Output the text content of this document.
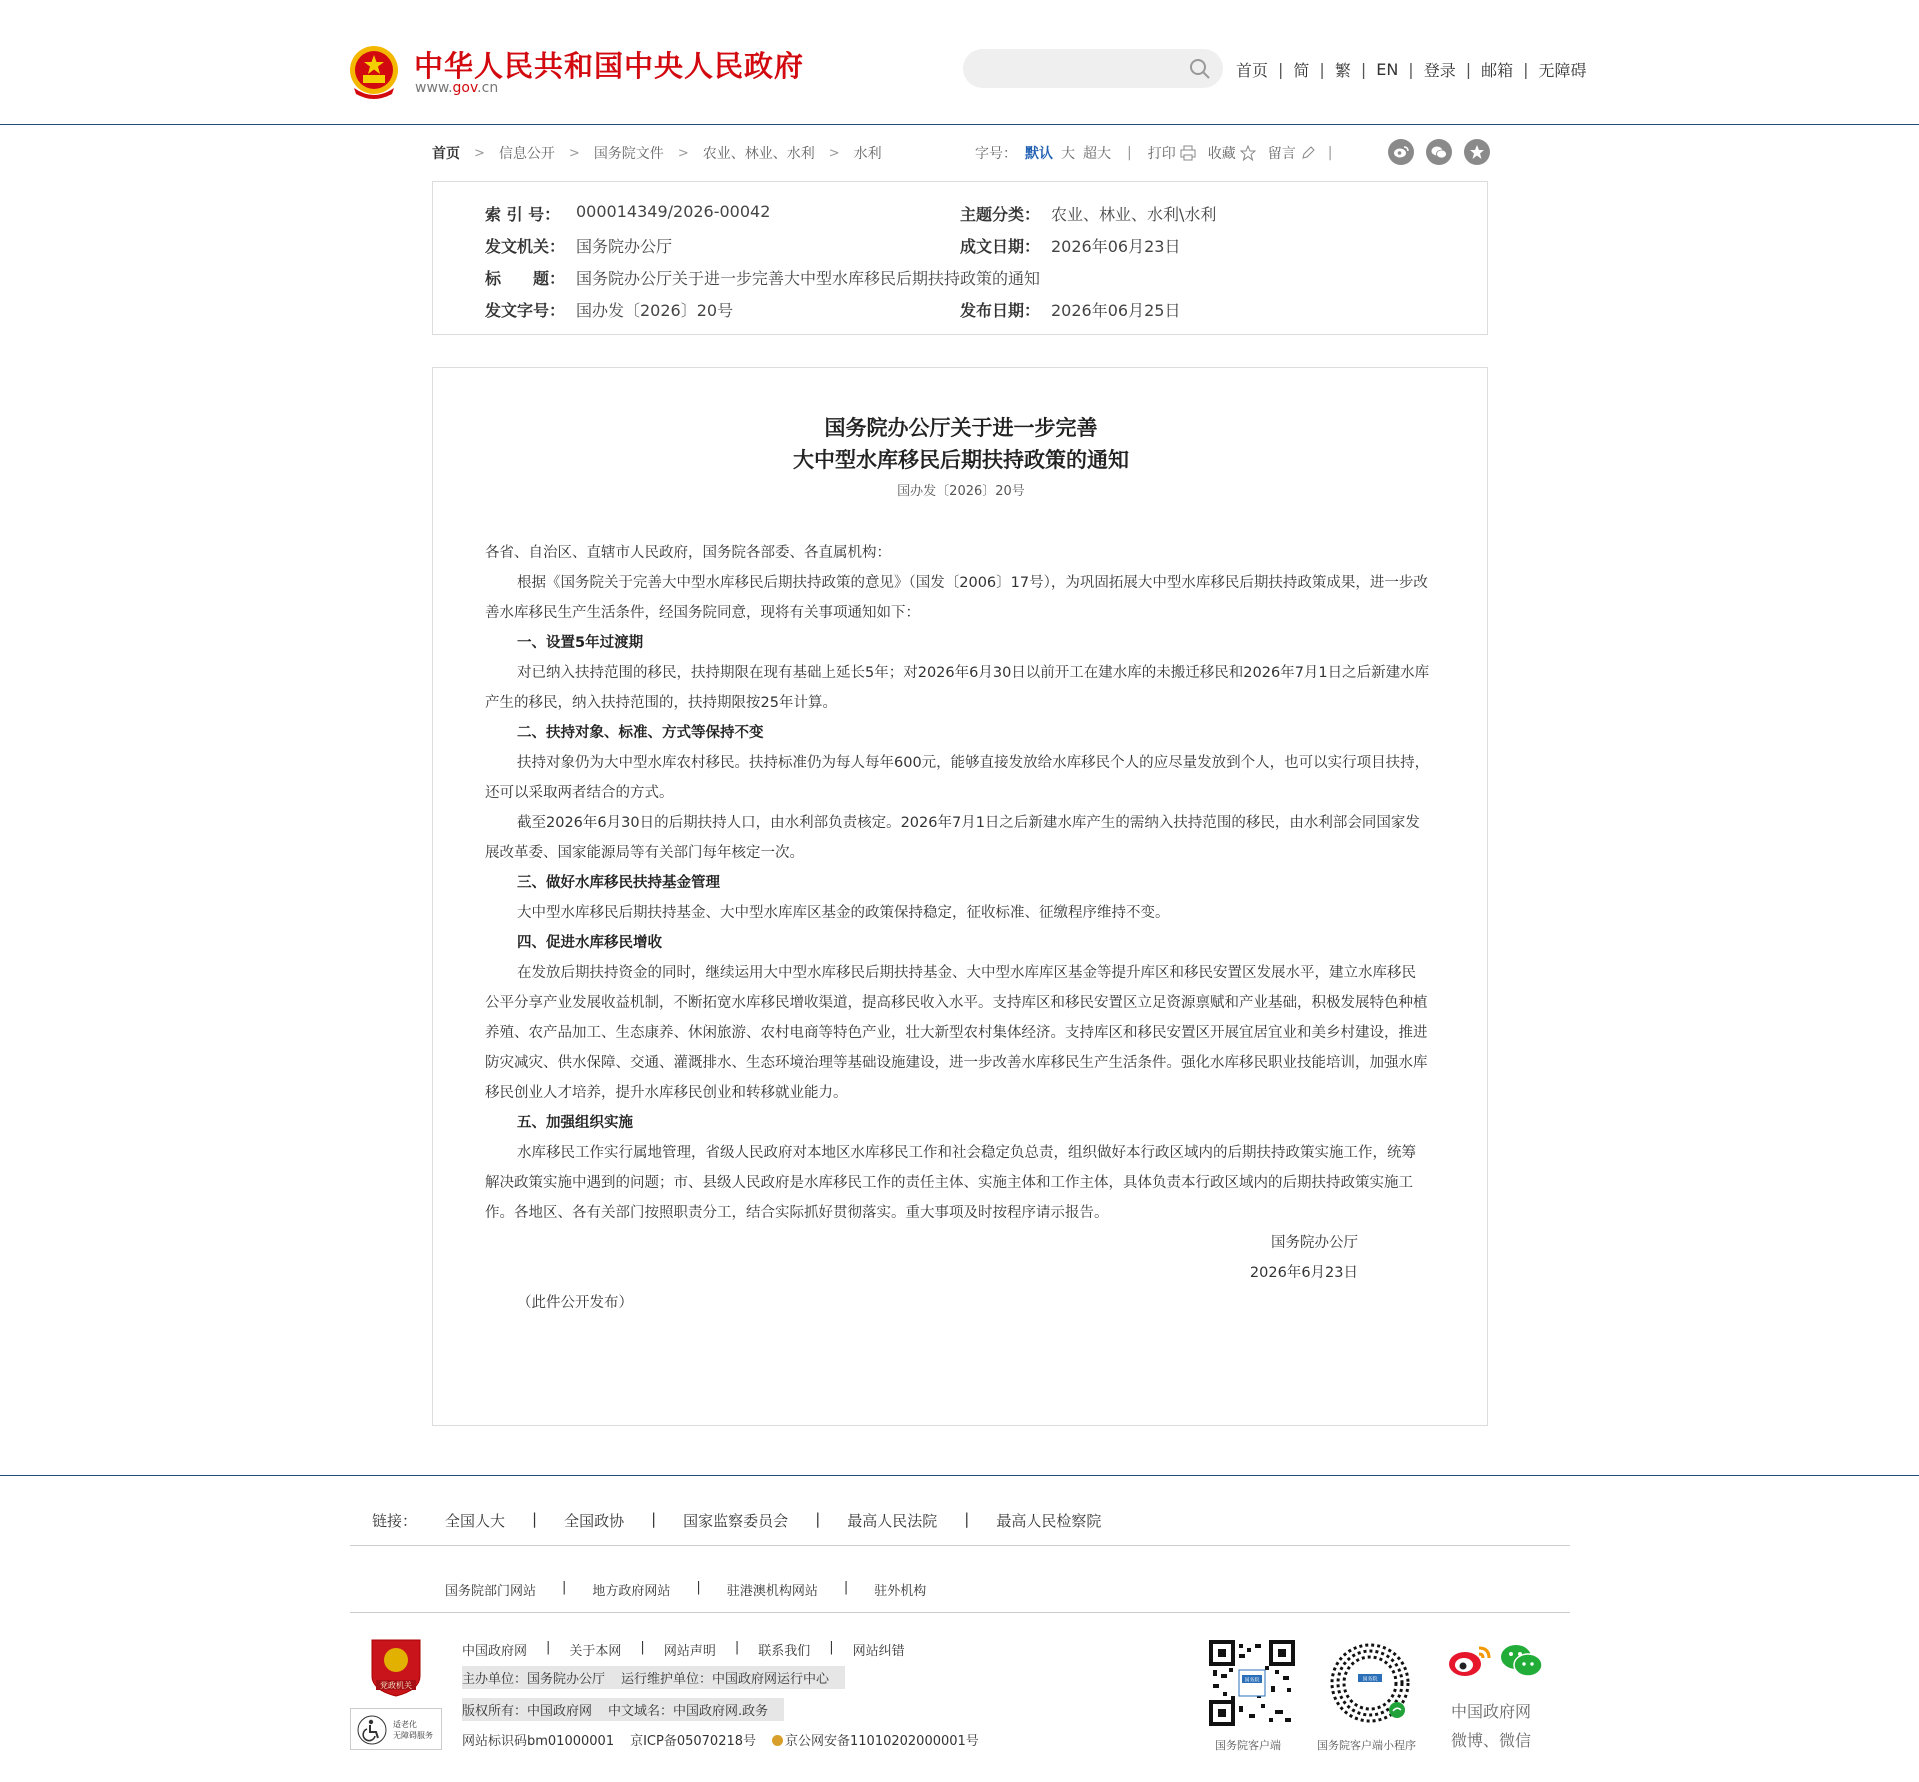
中华人民共和国中央人民政府
www.gov.cn
首页 | 简 | 繁 | EN | 登录 | 邮箱 | 无障碍
首页 > 信息公开 > 国务院文件 > 农业、林业、水利 > 水利	字号： 默认 大 超大 | 打印 收藏 留言 |
索 引 号： 000014349/2026-00042	主题分类： 农业、林业、水利\水利
发文机关： 国务院办公厅	成文日期： 2026年06月23日
标　　题： 国务院办公厅关于进一步完善大中型水库移民后期扶持政策的通知
发文字号： 国办发〔2026〕20号	发布日期： 2026年06月25日
国务院办公厅关于进一步完善
大中型水库移民后期扶持政策的通知
国办发〔2026〕20号

各省、自治区、直辖市人民政府，国务院各部委、各直属机构：

根据《国务院关于完善大中型水库移民后期扶持政策的意见》（国发〔2006〕17号），为巩固拓展大中型水库移民后期扶持政策成果，进一步改善水库移民生产生活条件，经国务院同意，现将有关事项通知如下：

一、设置5年过渡期

对已纳入扶持范围的移民，扶持期限在现有基础上延长5年；对2026年6月30日以前开工在建水库的未搬迁移民和2026年7月1日之后新建水库产生的移民，纳入扶持范围的，扶持期限按25年计算。

二、扶持对象、标准、方式等保持不变

扶持对象仍为大中型水库农村移民。扶持标准仍为每人每年600元，能够直接发放给水库移民个人的应尽量发放到个人，也可以实行项目扶持，还可以采取两者结合的方式。

截至2026年6月30日的后期扶持人口，由水利部负责核定。2026年7月1日之后新建水库产生的需纳入扶持范围的移民，由水利部会同国家发展改革委、国家能源局等有关部门每年核定一次。

三、做好水库移民扶持基金管理

大中型水库移民后期扶持基金、大中型水库库区基金的政策保持稳定，征收标准、征缴程序维持不变。

四、促进水库移民增收

在发放后期扶持资金的同时，继续运用大中型水库移民后期扶持基金、大中型水库库区基金等提升库区和移民安置区发展水平，建立水库移民公平分享产业发展收益机制，不断拓宽水库移民增收渠道，提高移民收入水平。支持库区和移民安置区立足资源禀赋和产业基础，积极发展特色种植养殖、农产品加工、生态康养、休闲旅游、农村电商等特色产业，壮大新型农村集体经济。支持库区和移民安置区开展宜居宜业和美乡村建设，推进防灾减灾、供水保障、交通、灌溉排水、生态环境治理等基础设施建设，进一步改善水库移民生产生活条件。强化水库移民职业技能培训，加强水库移民创业人才培养，提升水库移民创业和转移就业能力。

五、加强组织实施

水库移民工作实行属地管理，省级人民政府对本地区水库移民工作和社会稳定负总责，组织做好本行政区域内的后期扶持政策实施工作，统筹解决政策实施中遇到的问题；市、县级人民政府是水库移民工作的责任主体、实施主体和工作主体，具体负责本行政区域内的后期扶持政策实施工作。各地区、各有关部门按照职责分工，结合实际抓好贯彻落实。重大事项及时按程序请示报告。

国务院办公厅

2026年6月23日

（此件公开发布）

链接： 全国人大 | 全国政协 | 国家监察委员会 | 最高人民法院 | 最高人民检察院
国务院部门网站 | 地方政府网站 | 驻港澳机构网站 | 驻外机构
党政机关
适老化
无障碍服务
中国政府网 | 关于本网 | 网站声明 | 联系我们 | 网站纠错
主办单位：国务院办公厅 运行维护单位：中国政府网运行中心
版权所有：中国政府网 中文域名：中国政府网.政务
网站标识码bm01000001 京ICP备05070218号 京公网安备11010202000001号
国务院
国务院客户端
国务院
国务院客户端小程序
中国政府网
微博、微信
